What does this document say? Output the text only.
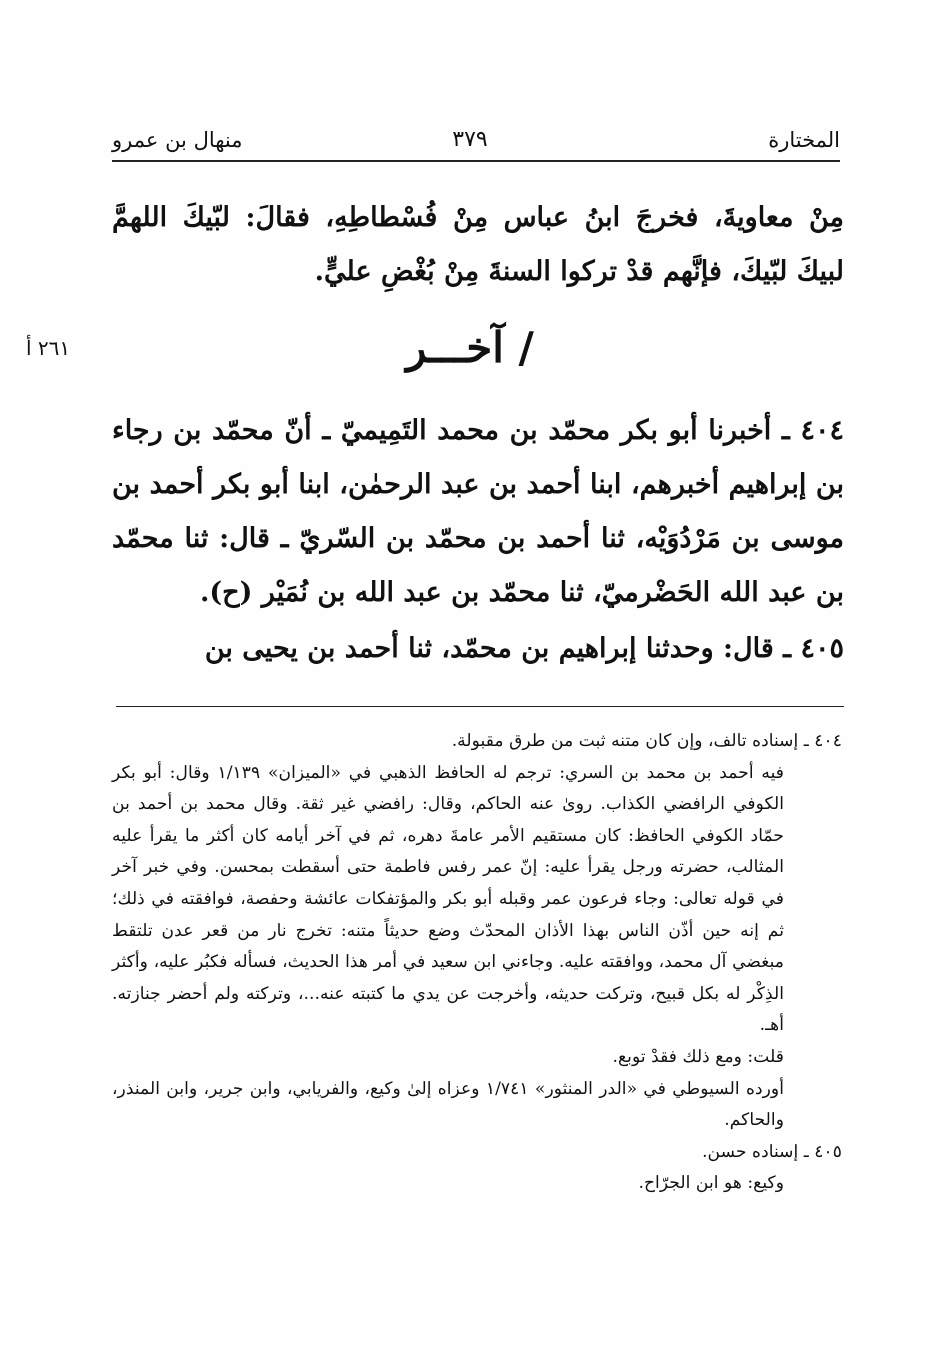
المختارة
٣٧٩
منهال بن عمرو

مِنْ معاويةَ، فخرجَ ابنُ عباس مِنْ فُسْطاطِهِ، فقالَ: لبّيكَ اللهمَّ لبيكَ لبّيكَ، فإنَّهم قدْ تركوا السنةَ مِنْ بُغْضِ عليٍّ.

٢٦١ أ	/ آخـــر

٤٠٤ ـ أخبرنا أبو بكر محمّد بن محمد التَمِيميّ ـ أنّ محمّد بن رجاء بن إبراهيم أخبرهم، ابنا أحمد بن عبد الرحمٰن، ابنا أبو بكر أحمد بن موسى بن مَرْدُوَيْه، ثنا أحمد بن محمّد بن السّريّ ـ قال: ثنا محمّد بن عبد الله الحَضْرميّ، ثنا محمّد بن عبد الله بن نُمَيْر (ح).

٤٠٥ ـ قال: وحدثنا إبراهيم بن محمّد، ثنا أحمد بن يحيى بن

٤٠٤ ـ إسناده تالف، وإن كان متنه ثبت من طرق مقبولة.

فيه أحمد بن محمد بن السري: ترجم له الحافظ الذهبي في «الميزان» ١/١٣٩ وقال: أبو بكر الكوفي الرافضي الكذاب. روىٰ عنه الحاكم، وقال: رافضي غير ثقة. وقال محمد بن أحمد بن حمّاد الكوفي الحافظ: كان مستقيم الأمر عامةَ دهره، ثم في آخر أيامه كان أكثر ما يقرأ عليه المثالب، حضرته ورجل يقرأ عليه: إنّ عمر رفس فاطمة حتى أسقطت بمحسن. وفي خبر آخر في قوله تعالى: وجاء فرعون عمر وقبله أبو بكر والمؤتفكات عائشة وحفصة، فوافقته في ذلك؛ ثم إنه حين أذّن الناس بهذا الأذان المحدّث وضع حديثاً متنه: تخرج نار من قعر عدن تلتقط مبغضي آل محمد، ووافقته عليه. وجاءني ابن سعيد في أمر هذا الحديث، فسأله فكبُر عليه، وأكثر الذِكْر له بكل قبيح، وتركت حديثه، وأخرجت عن يدي ما كتبته عنه...، وتركته ولم أحضر جنازته. أهـ.

قلت: ومع ذلك فقدْ توبع.

أورده السيوطي في «الدر المنثور» ١/٧٤١ وعزاه إلىٰ وكيع، والفريابي، وابن جرير، وابن المنذر، والحاكم.

٤٠٥ ـ إسناده حسن.

وكيع: هو ابن الجرّاح.
